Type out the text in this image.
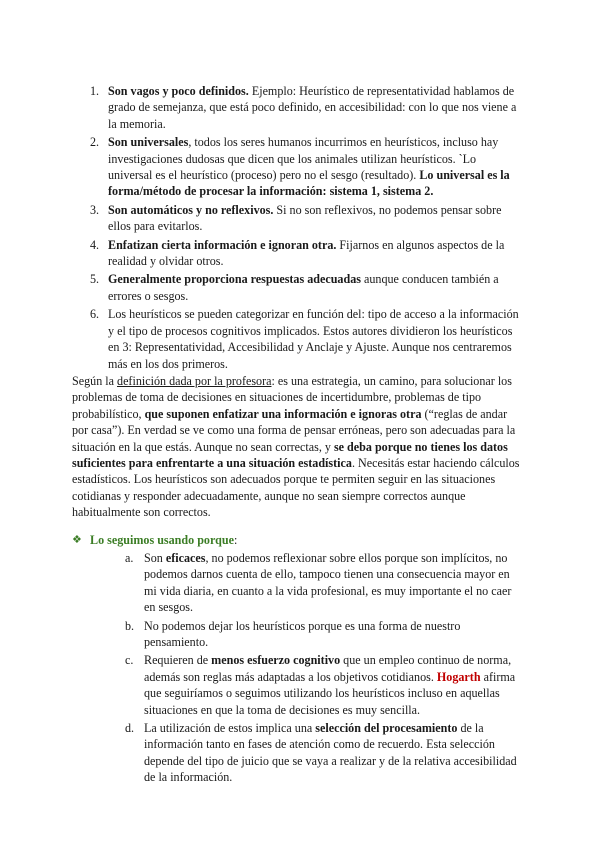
1. Son vagos y poco definidos. Ejemplo: Heurístico de representatividad hablamos de grado de semejanza, que está poco definido, en accesibilidad: con lo que nos viene a la memoria.
2. Son universales, todos los seres humanos incurrimos en heurísticos, incluso hay investigaciones dudosas que dicen que los animales utilizan heurísticos. `Lo universal es el heurístico (proceso) pero no el sesgo (resultado). Lo universal es la forma/método de procesar la información: sistema 1, sistema 2.
3. Son automáticos y no reflexivos. Si no son reflexivos, no podemos pensar sobre ellos para evitarlos.
4. Enfatizan cierta información e ignoran otra. Fijarnos en algunos aspectos de la realidad y olvidar otros.
5. Generalmente proporciona respuestas adecuadas aunque conducen también a errores o sesgos.
6. Los heurísticos se pueden categorizar en función del: tipo de acceso a la información y el tipo de procesos cognitivos implicados. Estos autores dividieron los heurísticos en 3: Representatividad, Accesibilidad y Anclaje y Ajuste. Aunque nos centraremos más en los dos primeros.

Según la definición dada por la profesora: es una estrategia, un camino, para solucionar los problemas de toma de decisiones en situaciones de incertidumbre, problemas de tipo probabilístico, que suponen enfatizar una información e ignoras otra (“reglas de andar por casa”). En verdad se ve como una forma de pensar erróneas, pero son adecuadas para la situación en la que estás. Aunque no sean correctas, y se deba porque no tienes los datos suficientes para enfrentarte a una situación estadística. Necesitás estar haciendo cálculos estadísticos. Los heurísticos son adecuados porque te permiten seguir en las situaciones cotidianas y responder adecuadamente, aunque no sean siempre correctos aunque habitualmente son correctos.

❖ Lo seguimos usando porque:

a. Son eficaces, no podemos reflexionar sobre ellos porque son implícitos, no podemos darnos cuenta de ello, tampoco tienen una consecuencia mayor en mi vida diaria, en cuanto a la vida profesional, es muy importante el no caer en sesgos.
b. No podemos dejar los heurísticos porque es una forma de nuestro pensamiento.
c. Requieren de menos esfuerzo cognitivo que un empleo continuo de norma, además son reglas más adaptadas a los objetivos cotidianos. Hogarth afirma que seguiríamos o seguimos utilizando los heurísticos incluso en aquellas situaciones en que la toma de decisiones es muy sencilla.
d. La utilización de estos implica una selección del procesamiento de la información tanto en fases de atención como de recuerdo. Esta selección depende del tipo de juicio que se vaya a realizar y de la relativa accesibilidad de la información.
